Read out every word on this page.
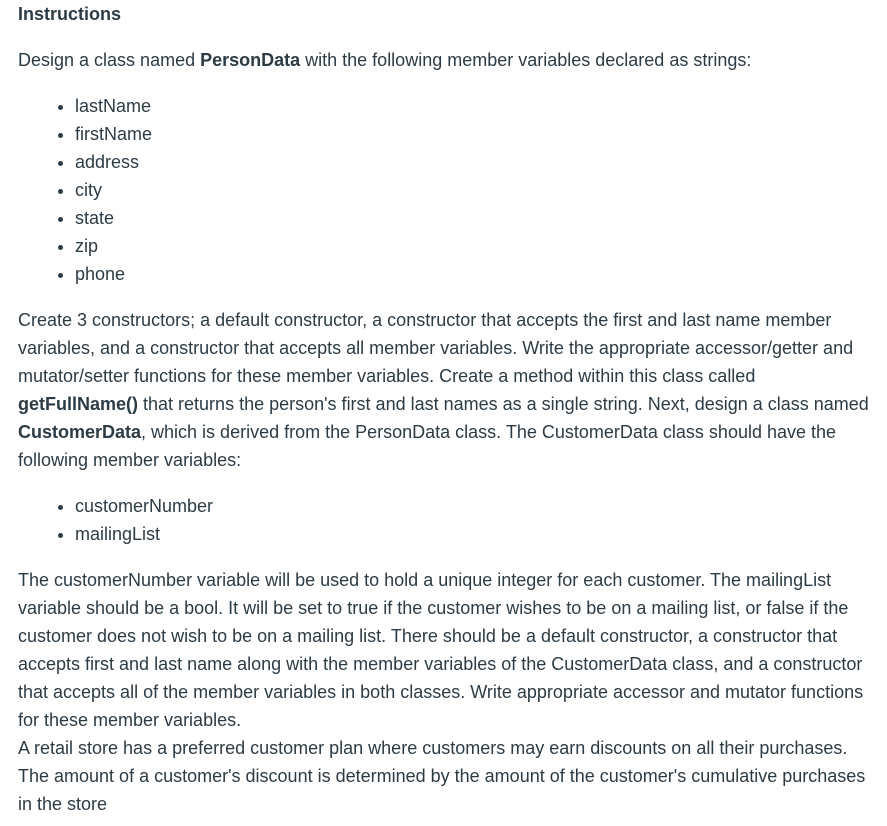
Instructions

Design a class named PersonData with the following member variables declared as strings:

• lastName
• firstName
• address
• city
• state
• zip
• phone

Create 3 constructors; a default constructor, a constructor that accepts the first and last name member variables, and a constructor that accepts all member variables. Write the appropriate accessor/getter and mutator/setter functions for these member variables. Create a method within this class called getFullName() that returns the person's first and last names as a single string. Next, design a class named CustomerData, which is derived from the PersonData class. The CustomerData class should have the following member variables:

• customerNumber
• mailingList

The customerNumber variable will be used to hold a unique integer for each customer. The mailingList variable should be a bool. It will be set to true if the customer wishes to be on a mailing list, or false if the customer does not wish to be on a mailing list. There should be a default constructor, a constructor that accepts first and last name along with the member variables of the CustomerData class, and a constructor that accepts all of the member variables in both classes. Write appropriate accessor and mutator functions for these member variables.

A retail store has a preferred customer plan where customers may earn discounts on all their purchases. The amount of a customer's discount is determined by the amount of the customer's cumulative purchases in the store
